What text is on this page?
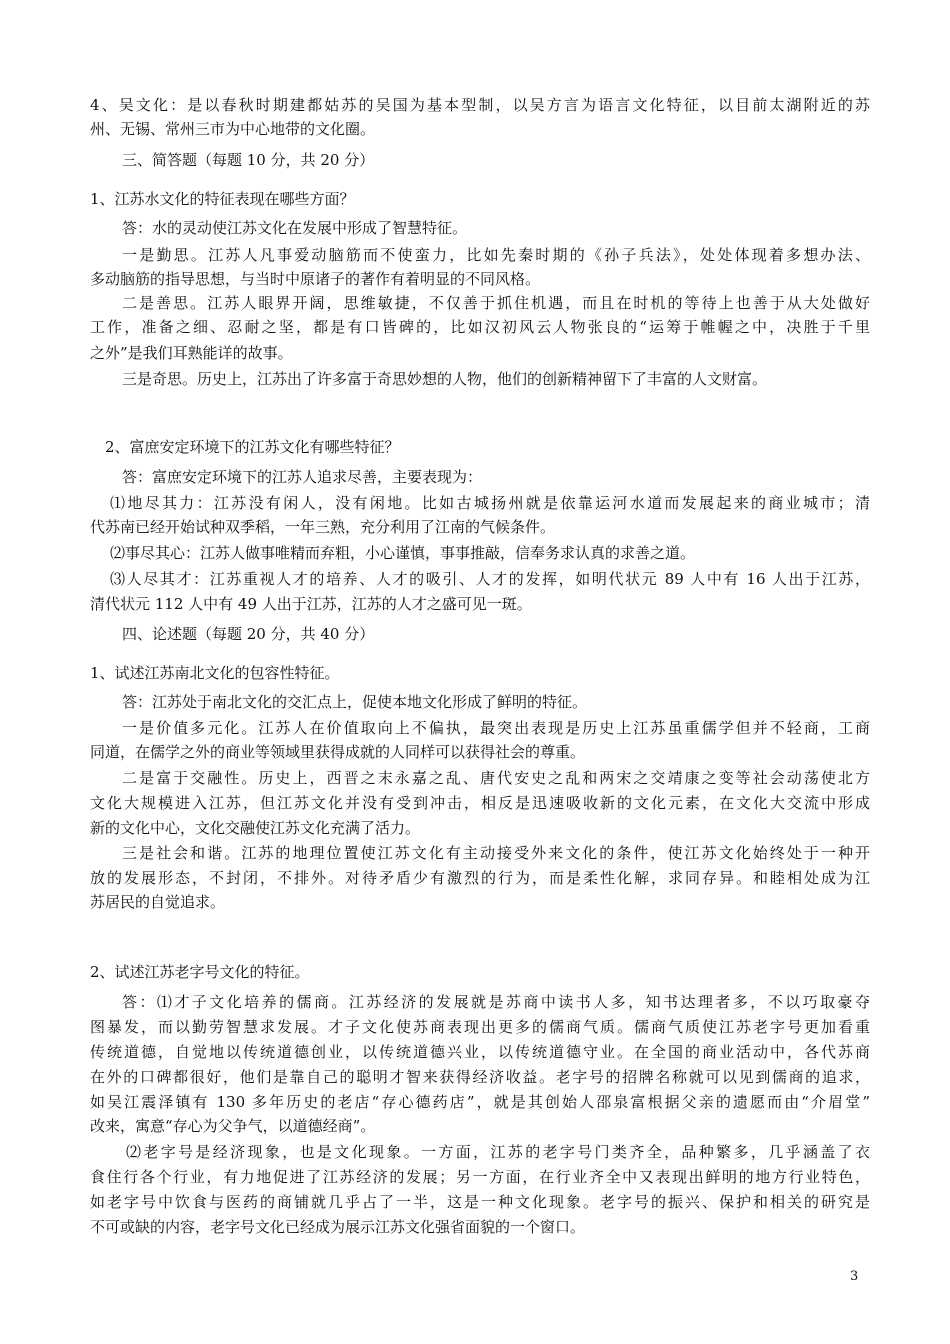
4、吴文化：是以春秋时期建都姑苏的吴国为基本型制，以吴方言为语言文化特征，以目前太湖附近的苏
州、无锡、常州三市为中心地带的文化圈。
三、简答题（每题 10 分，共 20 分）
1、江苏水文化的特征表现在哪些方面？
答：水的灵动使江苏文化在发展中形成了智慧特征。
一是勤思。江苏人凡事爱动脑筋而不使蛮力，比如先秦时期的《孙子兵法》，处处体现着多想办法、
多动脑筋的指导思想，与当时中原诸子的著作有着明显的不同风格。
二是善思。江苏人眼界开阔，思维敏捷，不仅善于抓住机遇，而且在时机的等待上也善于从大处做好
工作，准备之细、忍耐之坚，都是有口皆碑的，比如汉初风云人物张良的“运筹于帷幄之中，决胜于千里
之外”是我们耳熟能详的故事。
三是奇思。历史上，江苏出了许多富于奇思妙想的人物，他们的创新精神留下了丰富的人文财富。
2、富庶安定环境下的江苏文化有哪些特征？
答：富庶安定环境下的江苏人追求尽善，主要表现为：
⑴地尽其力：江苏没有闲人，没有闲地。比如古城扬州就是依靠运河水道而发展起来的商业城市；清
代苏南已经开始试种双季稻，一年三熟，充分利用了江南的气候条件。
⑵事尽其心：江苏人做事唯精而弃粗，小心谨慎，事事推敲，信奉务求认真的求善之道。
⑶人尽其才：江苏重视人才的培养、人才的吸引、人才的发挥，如明代状元 89 人中有 16 人出于江苏，
清代状元 112 人中有 49 人出于江苏，江苏的人才之盛可见一斑。
四、论述题（每题 20 分，共 40 分）
1、试述江苏南北文化的包容性特征。
答：江苏处于南北文化的交汇点上，促使本地文化形成了鲜明的特征。
一是价值多元化。江苏人在价值取向上不偏执，最突出表现是历史上江苏虽重儒学但并不轻商，工商
同道，在儒学之外的商业等领域里获得成就的人同样可以获得社会的尊重。
二是富于交融性。历史上，西晋之末永嘉之乱、唐代安史之乱和两宋之交靖康之变等社会动荡使北方
文化大规模进入江苏，但江苏文化并没有受到冲击，相反是迅速吸收新的文化元素，在文化大交流中形成
新的文化中心，文化交融使江苏文化充满了活力。
三是社会和谐。江苏的地理位置使江苏文化有主动接受外来文化的条件，使江苏文化始终处于一种开
放的发展形态，不封闭，不排外。对待矛盾少有激烈的行为，而是柔性化解，求同存异。和睦相处成为江
苏居民的自觉追求。
2、试述江苏老字号文化的特征。
答：⑴才子文化培养的儒商。江苏经济的发展就是苏商中读书人多，知书达理者多，不以巧取豪夺
图暴发，而以勤劳智慧求发展。才子文化使苏商表现出更多的儒商气质。儒商气质使江苏老字号更加看重
传统道德，自觉地以传统道德创业，以传统道德兴业，以传统道德守业。在全国的商业活动中，各代苏商
在外的口碑都很好，他们是靠自己的聪明才智来获得经济收益。老字号的招牌名称就可以见到儒商的追求，
如吴江震泽镇有 130 多年历史的老店“存心德药店”，就是其创始人邵泉富根据父亲的遗愿而由“介眉堂”
改来，寓意“存心为父争气，以道德经商”。
⑵老字号是经济现象，也是文化现象。一方面，江苏的老字号门类齐全，品种繁多，几乎涵盖了衣
食住行各个行业，有力地促进了江苏经济的发展；另一方面，在行业齐全中又表现出鲜明的地方行业特色，
如老字号中饮食与医药的商铺就几乎占了一半，这是一种文化现象。老字号的振兴、保护和相关的研究是
不可或缺的内容，老字号文化已经成为展示江苏文化强省面貌的一个窗口。
3
